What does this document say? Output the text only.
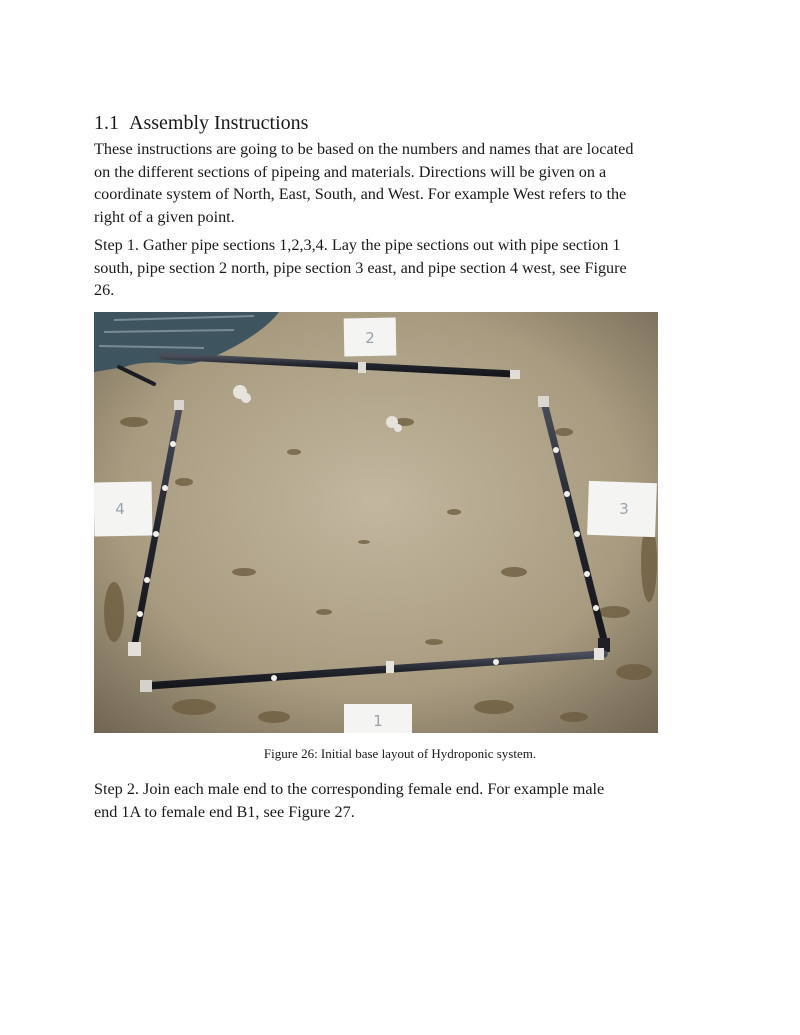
1.1 Assembly Instructions

These instructions are going to be based on the numbers and names that are located
on the different sections of pipeing and materials. Directions will be given on a
coordinate system of North, East, South, and West. For example West refers to the
right of a given point.

Step 1. Gather pipe sections 1,2,3,4. Lay the pipe sections out with pipe section 1
south, pipe section 2 north, pipe section 3 east, and pipe section 4 west, see Figure
26.

2
4	3
1
Figure 26: Initial base layout of Hydroponic system.

Step 2. Join each male end to the corresponding female end. For example male
end 1A to female end B1, see Figure 27.
